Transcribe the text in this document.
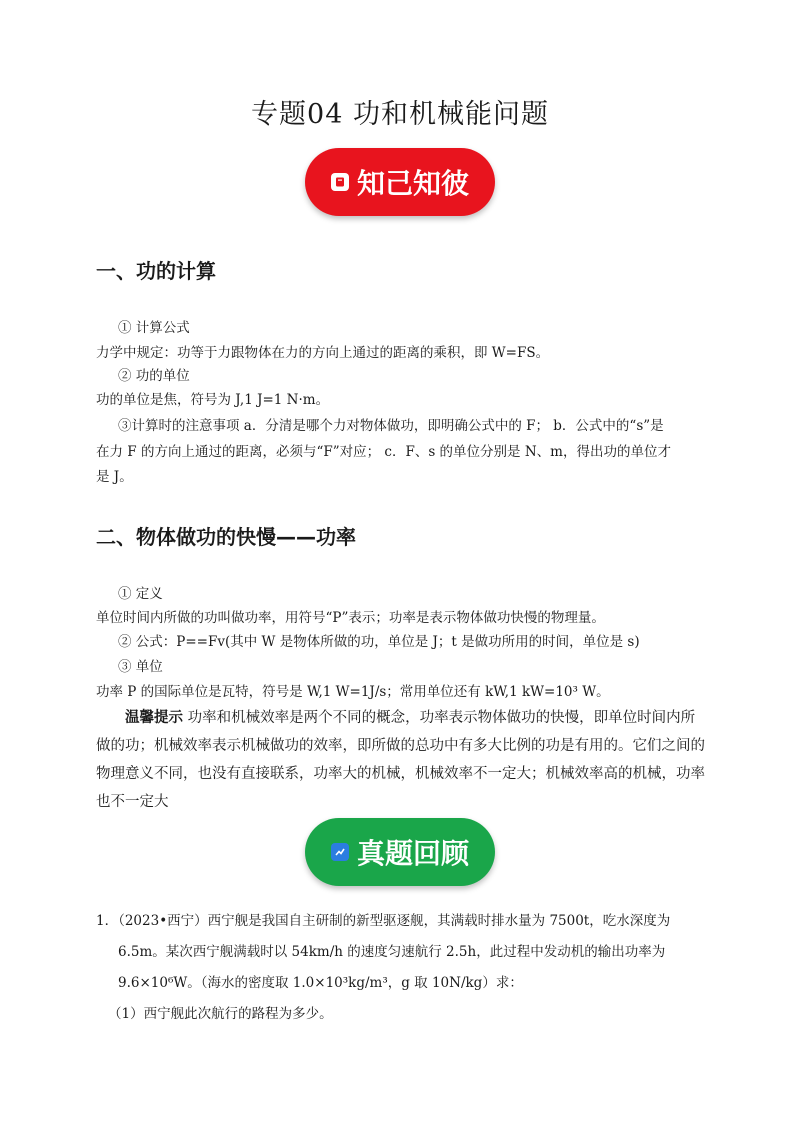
专题04 功和机械能问题
知己知彼
一、功的计算
① 计算公式
力学中规定：功等于力跟物体在力的方向上通过的距离的乘积，即 W=FS。
② 功的单位
功的单位是焦，符号为 J,1 J=1 N·m。
③计算时的注意事项 a．分清是哪个力对物体做功，即明确公式中的 F； b．公式中的“s”是
在力 F 的方向上通过的距离，必须与“F”对应； c．F、s 的单位分别是 N、m，得出功的单位才
是 J。
二、物体做功的快慢——功率
① 定义
单位时间内所做的功叫做功率，用符号“P”表示；功率是表示物体做功快慢的物理量。
② 公式：P==Fv(其中 W 是物体所做的功，单位是 J；t 是做功所用的时间，单位是 s)
③ 单位
功率 P 的国际单位是瓦特，符号是 W,1 W=1J/s；常用单位还有 kW,1 kW=10³ W。
温馨提示 功率和机械效率是两个不同的概念，功率表示物体做功的快慢，即单位时间内所做的功；机械效率表示机械做功的效率，即所做的总功中有多大比例的功是有用的。它们之间的物理意义不同，也没有直接联系，功率大的机械，机械效率不一定大；机械效率高的机械，功率也不一定大
真题回顾
1．（2023•西宁）西宁舰是我国自主研制的新型驱逐舰，其满载时排水量为 7500t，吃水深度为
6.5m。某次西宁舰满载时以 54km/h 的速度匀速航行 2.5h，此过程中发动机的输出功率为
9.6×10⁶W。（海水的密度取 1.0×10³kg/m³，g 取 10N/kg）求：
（1）西宁舰此次航行的路程为多少。
